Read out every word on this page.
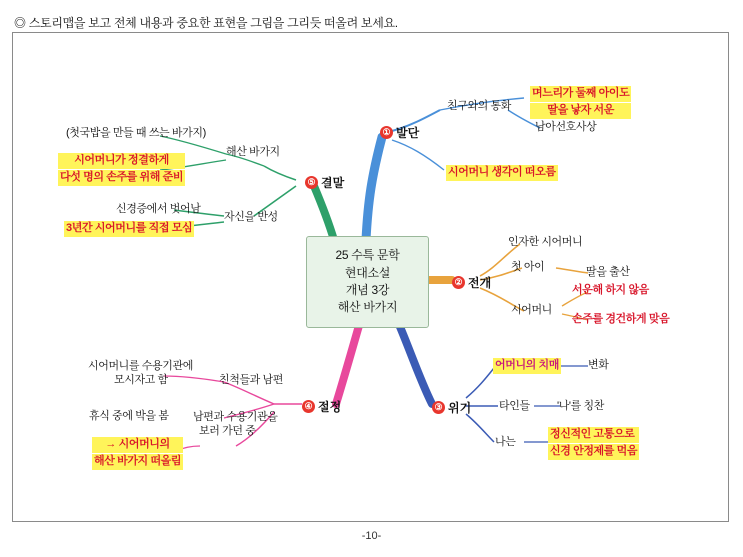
◎ 스토리맵을 보고 전체 내용과 중요한 표현을 그림을 그리듯 떠올려 보세요.
25 수특 문학
현대소설
개념 3강
해산 바가지
① 발단
② 전개
③ 위기
④ 절정
⑤ 결말
친구와의 통화
며느리가 둘째 아이도
딸을 낳자 서운
남아선호사상
시어머니 생각이 떠오름
인자한 시어머니
첫 아이	딸을 출산
시어머니
서운해 하지 않음
손주를 경건하게 맞음
어머니의 치매	변화
타인들 '나'를 칭찬
나는
정신적인 고통으로
신경 안정제를 먹음
시어머니를 수용기관에
모시자고 함	친척들과 남편
휴식 중에 박을 봄 남편과 수용기관을
보러 가던 중
→ 시어머니의
해산 바가지 떠올림
(첫국밥을 만들 때 쓰는 바가지)
시어머니가 정결하게
다섯 명의 손주를 위해 준비
해산 바가지
신경증에서 벗어남
3년간 시어머니를 직접 모심
자신을 반성
-10-
